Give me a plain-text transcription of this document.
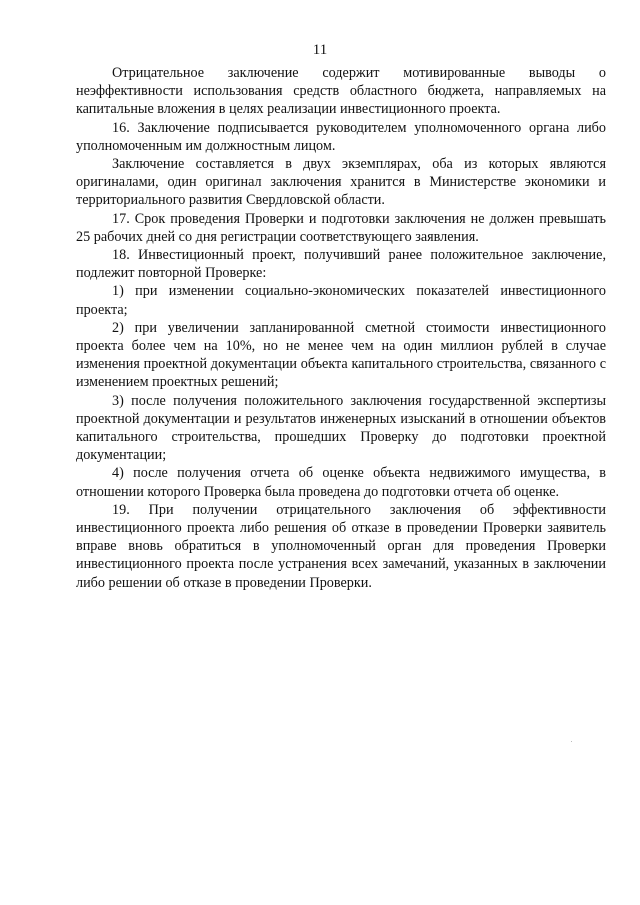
11

Отрицательное заключение содержит мотивированные выводы о неэффективности использования средств областного бюджета, направляемых на капитальные вложения в целях реализации инвестиционного проекта.

16. Заключение подписывается руководителем уполномоченного органа либо уполномоченным им должностным лицом.

Заключение составляется в двух экземплярах, оба из которых являются оригиналами, один оригинал заключения хранится в Министерстве экономики и территориального развития Свердловской области.

17. Срок проведения Проверки и подготовки заключения не должен превышать 25 рабочих дней со дня регистрации соответствующего заявления.

18. Инвестиционный проект, получивший ранее положительное заключение, подлежит повторной Проверке:

1) при изменении социально-экономических показателей инвестиционного проекта;

2) при увеличении запланированной сметной стоимости инвестиционного проекта более чем на 10%, но не менее чем на один миллион рублей в случае изменения проектной документации объекта капитального строительства, связанного с изменением проектных решений;

3) после получения положительного заключения государственной экспертизы проектной документации и результатов инженерных изысканий в отношении объектов капитального строительства, прошедших Проверку до подготовки проектной документации;

4) после получения отчета об оценке объекта недвижимого имущества, в отношении которого Проверка была проведена до подготовки отчета об оценке.

19. При получении отрицательного заключения об эффективности инвестиционного проекта либо решения об отказе в проведении Проверки заявитель вправе вновь обратиться в уполномоченный орган для проведения Проверки инвестиционного проекта после устранения всех замечаний, указанных в заключении либо решении об отказе в проведении Проверки.
